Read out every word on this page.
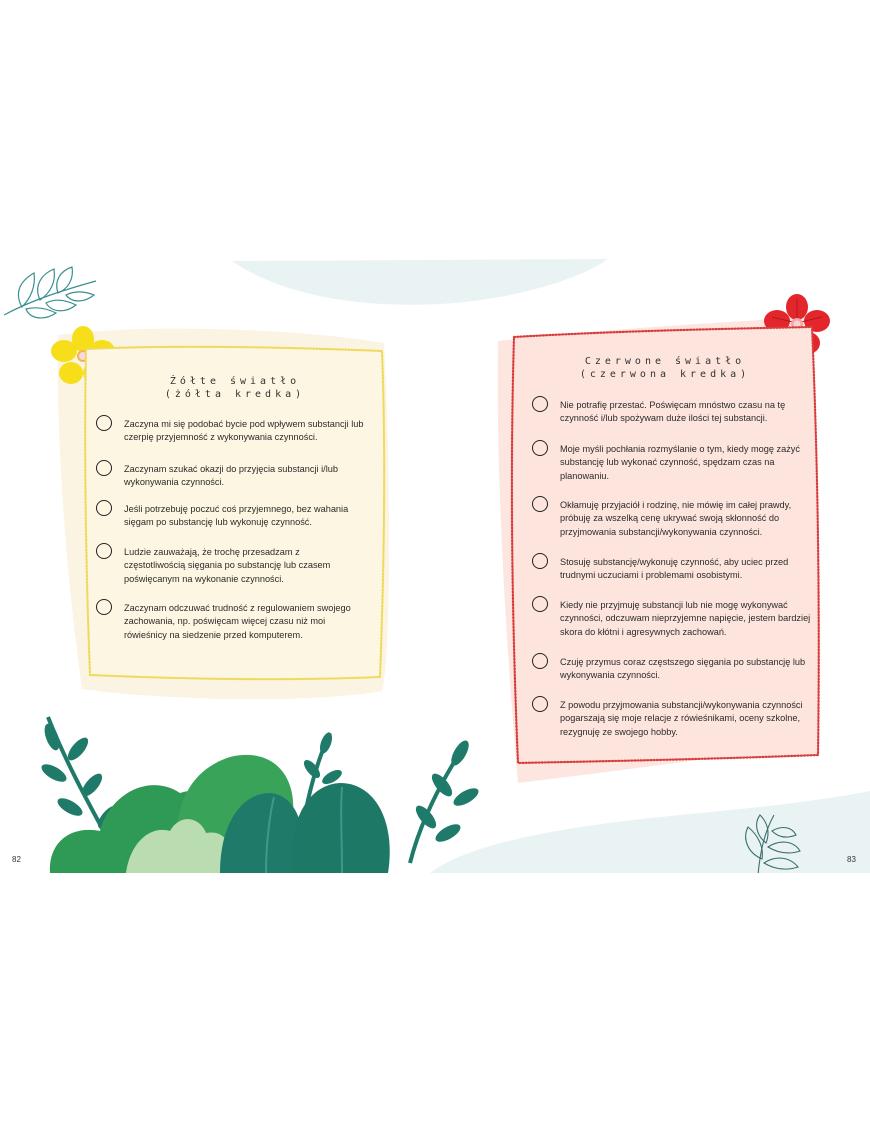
Żółte światło
(żółta kredka)
Zaczyna mi się podobać bycie pod wpływem substancji lub czerpię przyjemność z wykonywania czynności.
Zaczynam szukać okazji do przyjęcia substancji i/lub wykonywania czynności.
Jeśli potrzebuję poczuć coś przyjemnego, bez wahania sięgam po substancję lub wykonuję czynność.
Ludzie zauważają, że trochę przesadzam z częstotliwością sięgania po substancję lub czasem poświęcanym na wykonanie czynności.
Zaczynam odczuwać trudność z regulowaniem swojego zachowania, np. poświęcam więcej czasu niż moi rówieśnicy na siedzenie przed komputerem.
Czerwone światło
(czerwona kredka)
Nie potrafię przestać. Poświęcam mnóstwo czasu na tę czynność i/lub spożywam duże ilości tej substancji.
Moje myśli pochłania rozmyślanie o tym, kiedy mogę zażyć substancję lub wykonać czynność, spędzam czas na planowaniu.
Okłamuję przyjaciół i rodzinę, nie mówię im całej prawdy, próbuję za wszelką cenę ukrywać swoją skłonność do przyjmowania substancji/wykonywania czynności.
Stosuję substancję/wykonuję czynność, aby uciec przed trudnymi uczuciami i problemami osobistymi.
Kiedy nie przyjmuję substancji lub nie mogę wykonywać czynności, odczuwam nieprzyjemne napięcie, jestem bardziej skora do kłótni i agresywnych zachowań.
Czuję przymus coraz częstszego sięgania po substancję lub wykonywania czynności.
Z powodu przyjmowania substancji/wykonywania czynności pogarszają się moje relacje z rówieśnikami, oceny szkolne, rezygnuję ze swojego hobby.
82	83
